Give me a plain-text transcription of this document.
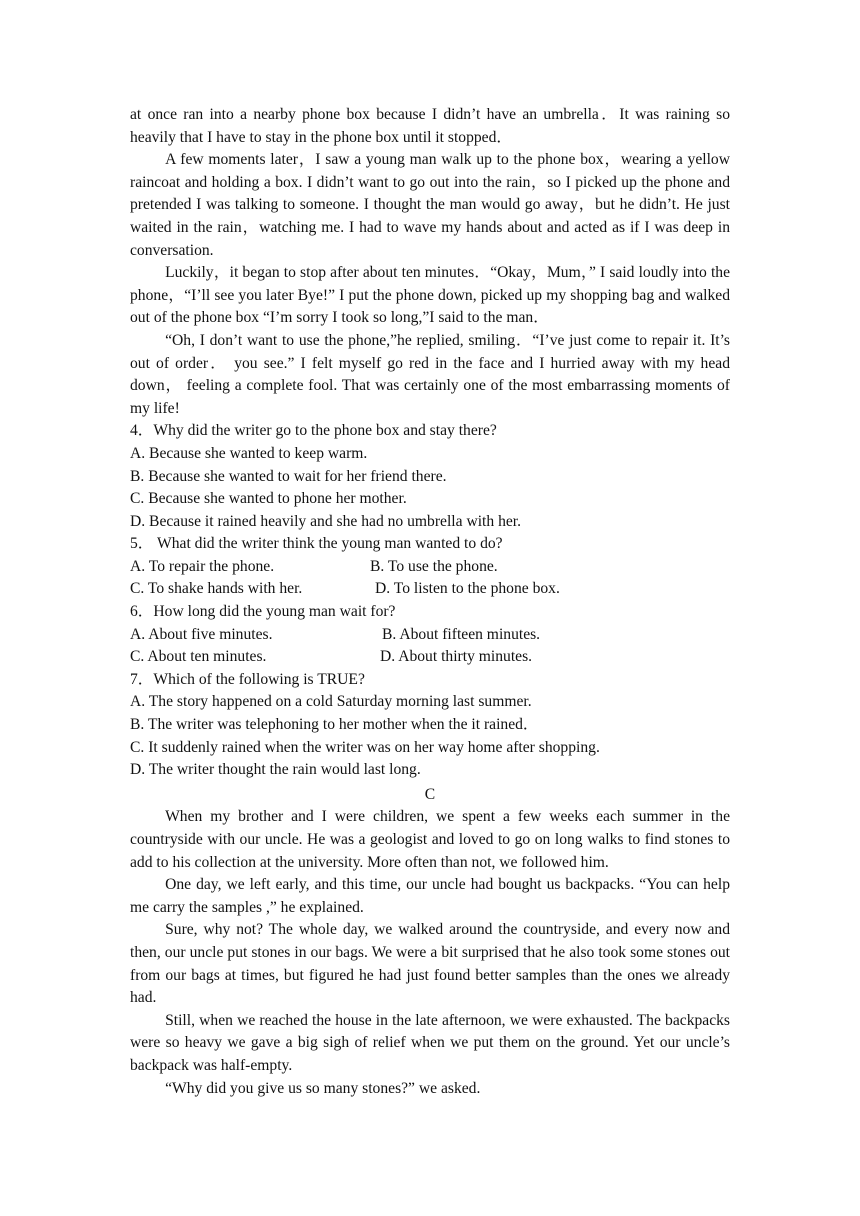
at once ran into a nearby phone box because I didn’t have an umbrella．It was raining so heavily that I have to stay in the phone box until it stopped．

A few moments later，I saw a young man walk up to the phone box，wearing a yellow raincoat and holding a box. I didn’t want to go out into the rain，so I picked up the phone and pretended I was talking to someone. I thought the man would go away，but he didn’t. He just waited in the rain，watching me. I had to wave my hands about and acted as if I was deep in conversation.

Luckily，it began to stop after about ten minutes．“Okay，Mum，” I said loudly into the phone，“I’ll see you later Bye!” I put the phone down, picked up my shopping bag and walked out of the phone box “I’m sorry I took so long,”I said to the man．

“Oh, I don’t want to use the phone,”he replied, smiling．“I’ve just come to repair it. It’s out of order． you see.” I felt myself go red in the face and I hurried away with my head down， feeling a complete fool. That was certainly one of the most embarrassing moments of my life!

4．Why did the writer go to the phone box and stay there?

A. Because she wanted to keep warm.

B. Because she wanted to wait for her friend there.

C. Because she wanted to phone her mother.

D. Because it rained heavily and she had no umbrella with her.

5． What did the writer think the young man wanted to do?

A. To repair the phone.	B. To use the phone.
C. To shake hands with her.	D. To listen to the phone box.

6．How long did the young man wait for?

A. About five minutes.	B. About fifteen minutes.
C. About ten minutes.	D. About thirty minutes.

7．Which of the following is TRUE?

A. The story happened on a cold Saturday morning last summer.

B. The writer was telephoning to her mother when the it rained．

C. It suddenly rained when the writer was on her way home after shopping.

D. The writer thought the rain would last long.

C

When my brother and I were children, we spent a few weeks each summer in the countryside with our uncle. He was a geologist and loved to go on long walks to find stones to add to his collection at the university. More often than not, we followed him.

One day, we left early, and this time, our uncle had bought us backpacks. “You can help me carry the samples ,” he explained.

Sure, why not? The whole day, we walked around the countryside, and every now and then, our uncle put stones in our bags. We were a bit surprised that he also took some stones out from our bags at times, but figured he had just found better samples than the ones we already had.

Still, when we reached the house in the late afternoon, we were exhausted. The backpacks were so heavy we gave a big sigh of relief when we put them on the ground. Yet our uncle’s backpack was half-empty.

“Why did you give us so many stones?” we asked.
